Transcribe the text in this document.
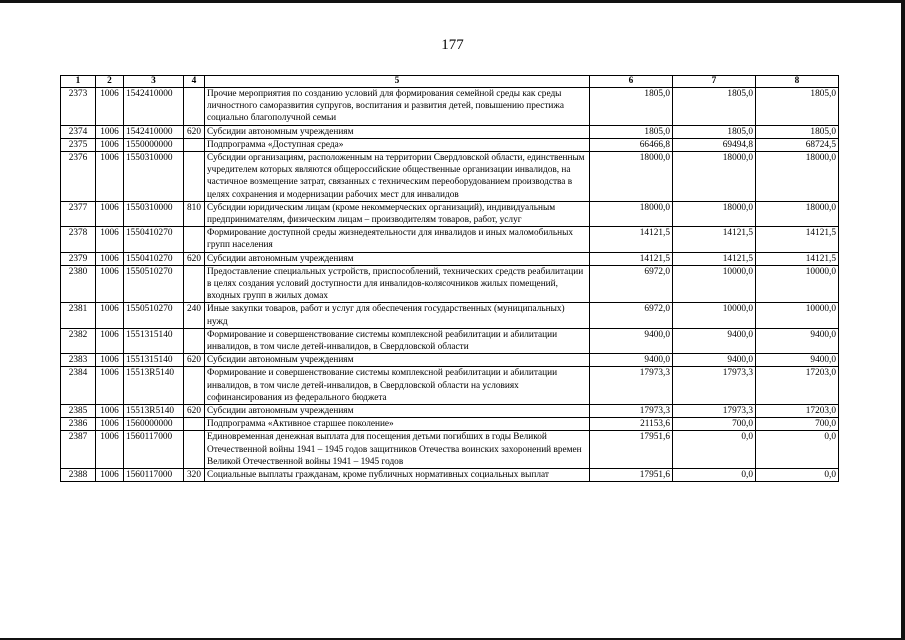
177
1	2	3	4	5	6	7	8
2373	1006	1542410000		Прочие мероприятия по созданию условий для формирования семейной среды как среды личностного саморазвития супругов, воспитания и развития детей, повышению престижа социально благополучной семьи	1805,0	1805,0	1805,0
2374	1006	1542410000	620	Субсидии автономным учреждениям	1805,0	1805,0	1805,0
2375	1006	1550000000		Подпрограмма «Доступная среда»	66466,8	69494,8	68724,5
2376	1006	1550310000		Субсидии организациям, расположенным на территории Свердловской области, единственным учредителем которых являются общероссийские общественные организации инвалидов, на частичное возмещение затрат, связанных с техническим переоборудованием производства в целях сохранения и модернизации рабочих мест для инвалидов	18000,0	18000,0	18000,0
2377	1006	1550310000	810	Субсидии юридическим лицам (кроме некоммерческих организаций), индивидуальным предпринимателям, физическим лицам – производителям товаров, работ, услуг	18000,0	18000,0	18000,0
2378	1006	1550410270		Формирование доступной среды жизнедеятельности для инвалидов и иных маломобильных групп населения	14121,5	14121,5	14121,5
2379	1006	1550410270	620	Субсидии автономным учреждениям	14121,5	14121,5	14121,5
2380	1006	1550510270		Предоставление специальных устройств, приспособлений, технических средств реабилитации в целях создания условий доступности для инвалидов-колясочников жилых помещений, входных групп в жилых домах	6972,0	10000,0	10000,0
2381	1006	1550510270	240	Иные закупки товаров, работ и услуг для обеспечения государственных (муниципальных) нужд	6972,0	10000,0	10000,0
2382	1006	1551315140		Формирование и совершенствование системы комплексной реабилитации и абилитации инвалидов, в том числе детей-инвалидов, в Свердловской области	9400,0	9400,0	9400,0
2383	1006	1551315140	620	Субсидии автономным учреждениям	9400,0	9400,0	9400,0
2384	1006	15513R5140		Формирование и совершенствование системы комплексной реабилитации и абилитации инвалидов, в том числе детей-инвалидов, в Свердловской области на условиях софинансирования из федерального бюджета	17973,3	17973,3	17203,0
2385	1006	15513R5140	620	Субсидии автономным учреждениям	17973,3	17973,3	17203,0
2386	1006	1560000000		Подпрограмма «Активное старшее поколение»	21153,6	700,0	700,0
2387	1006	1560117000		Единовременная денежная выплата для посещения детьми погибших в годы Великой Отечественной войны 1941 – 1945 годов защитников Отечества воинских захоронений времен Великой Отечественной войны 1941 – 1945 годов	17951,6	0,0	0,0
2388	1006	1560117000	320	Социальные выплаты гражданам, кроме публичных нормативных социальных выплат	17951,6	0,0	0,0
